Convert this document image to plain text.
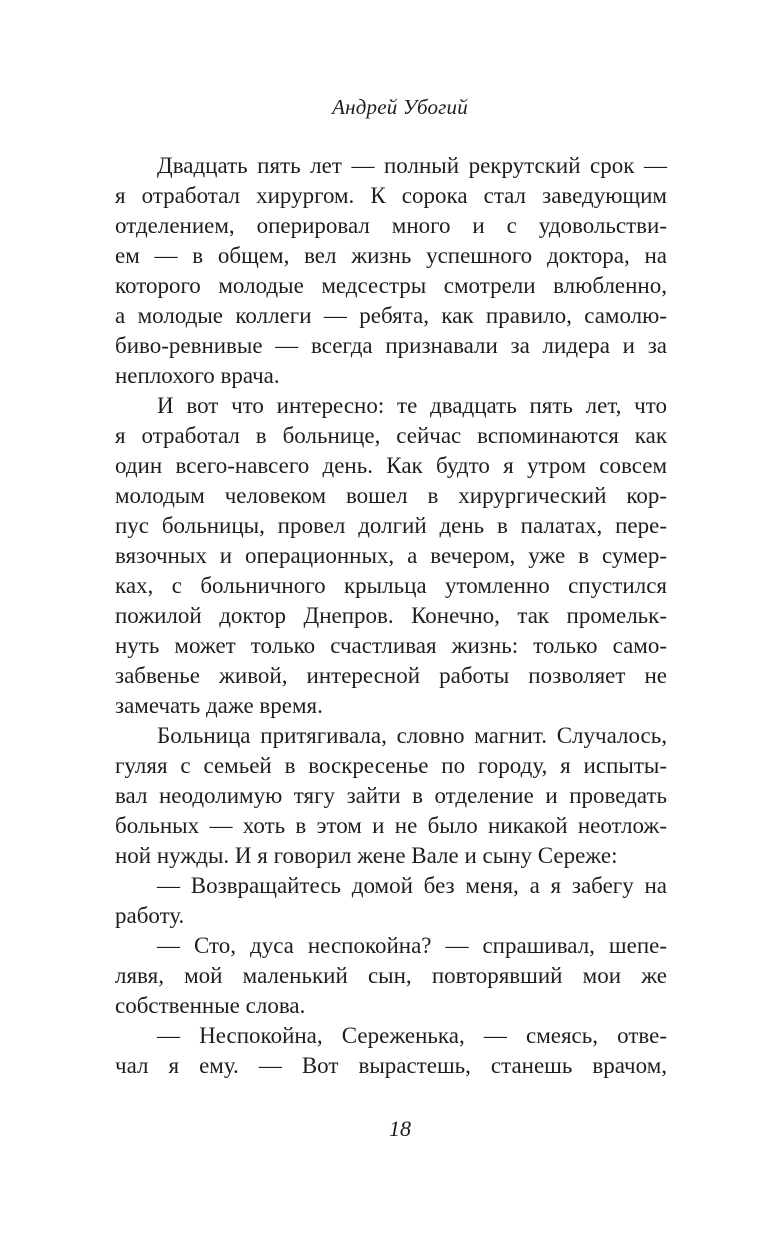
Андрей Убогий
Двадцать пять лет — полный рекрутский срок —
я отработал хирургом. К сорока стал заведующим
отделением, оперировал много и с удовольстви-
ем — в общем, вел жизнь успешного доктора, на
которого молодые медсестры смотрели влюбленно,
а молодые коллеги — ребята, как правило, самолю-
биво-ревнивые — всегда признавали за лидера и за
неплохого врача.
И вот что интересно: те двадцать пять лет, что
я отработал в больнице, сейчас вспоминаются как
один всего-навсего день. Как будто я утром совсем
молодым человеком вошел в хирургический кор-
пус больницы, провел долгий день в палатах, пере-
вязочных и операционных, а вечером, уже в сумер-
ках, с больничного крыльца утомленно спустился
пожилой доктор Днепров. Конечно, так промельк-
нуть может только счастливая жизнь: только само-
забвенье живой, интересной работы позволяет не
замечать даже время.
Больница притягивала, словно магнит. Случалось,
гуляя с семьей в воскресенье по городу, я испыты-
вал неодолимую тягу зайти в отделение и проведать
больных — хоть в этом и не было никакой неотлож-
ной нужды. И я говорил жене Вале и сыну Сереже:
— Возвращайтесь домой без меня, а я забегу на
работу.
— Сто, дуса неспокойна? — спрашивал, шепе-
лявя, мой маленький сын, повторявший мои же
собственные слова.
— Неспокойна, Сереженька, — смеясь, отве-
чал я ему. — Вот вырастешь, станешь врачом,
18
